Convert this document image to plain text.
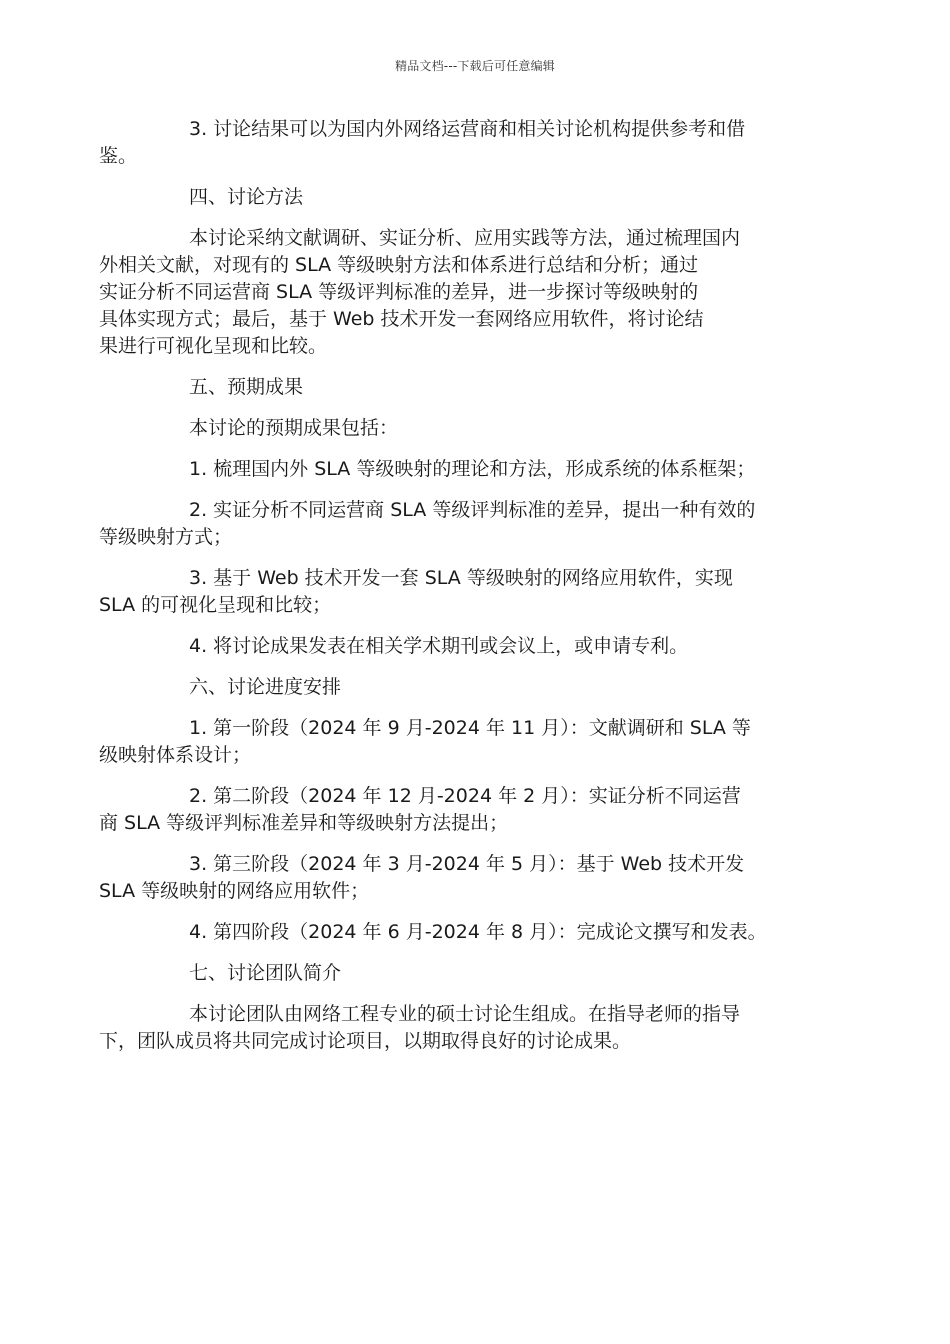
精品文档---下载后可任意编辑

3. 讨论结果可以为国内外网络运营商和相关讨论机构提供参考和借
鉴。

四、讨论方法

本讨论采纳文献调研、实证分析、应用实践等方法，通过梳理国内
外相关文献，对现有的 SLA 等级映射方法和体系进行总结和分析；通过
实证分析不同运营商 SLA 等级评判标准的差异，进一步探讨等级映射的
具体实现方式；最后，基于 Web 技术开发一套网络应用软件，将讨论结
果进行可视化呈现和比较。

五、预期成果

本讨论的预期成果包括：

1. 梳理国内外 SLA 等级映射的理论和方法，形成系统的体系框架；

2. 实证分析不同运营商 SLA 等级评判标准的差异，提出一种有效的
等级映射方式；

3. 基于 Web 技术开发一套 SLA 等级映射的网络应用软件，实现
SLA 的可视化呈现和比较；

4. 将讨论成果发表在相关学术期刊或会议上，或申请专利。

六、讨论进度安排

1. 第一阶段（2024 年 9 月-2024 年 11 月）：文献调研和 SLA 等
级映射体系设计；

2. 第二阶段（2024 年 12 月-2024 年 2 月）：实证分析不同运营
商 SLA 等级评判标准差异和等级映射方法提出；

3. 第三阶段（2024 年 3 月-2024 年 5 月）：基于 Web 技术开发
SLA 等级映射的网络应用软件；

4. 第四阶段（2024 年 6 月-2024 年 8 月）：完成论文撰写和发表。

七、讨论团队简介

本讨论团队由网络工程专业的硕士讨论生组成。在指导老师的指导
下，团队成员将共同完成讨论项目，以期取得良好的讨论成果。
